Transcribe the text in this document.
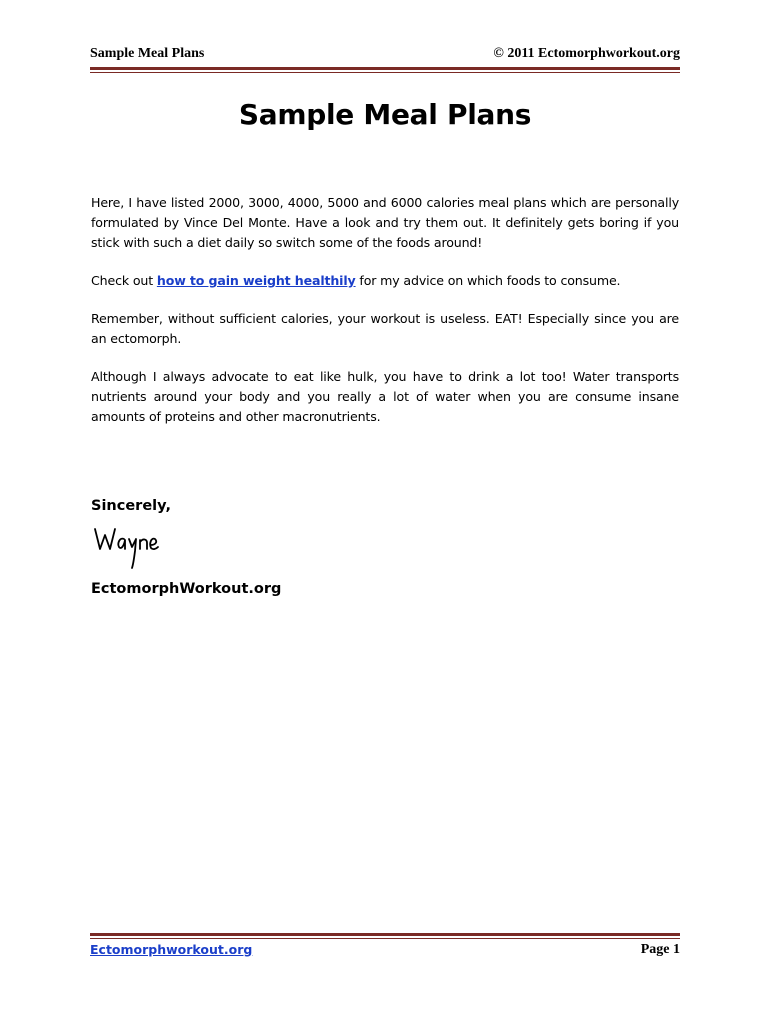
Sample Meal Plans	© 2011 Ectomorphworkout.org
Sample Meal Plans

Here, I have listed 2000, 3000, 4000, 5000 and 6000 calories meal plans which are personally formulated by Vince Del Monte. Have a look and try them out. It definitely gets boring if you stick with such a diet daily so switch some of the foods around!

Check out how to gain weight healthily for my advice on which foods to consume.

Remember, without sufficient calories, your workout is useless. EAT! Especially since you are an ectomorph.

Although I always advocate to eat like hulk, you have to drink a lot too! Water transports nutrients around your body and you really a lot of water when you are consume insane amounts of proteins and other macronutrients.

Sincerely,
EctomorphWorkout.org
Ectomorphworkout.org	Page 1
